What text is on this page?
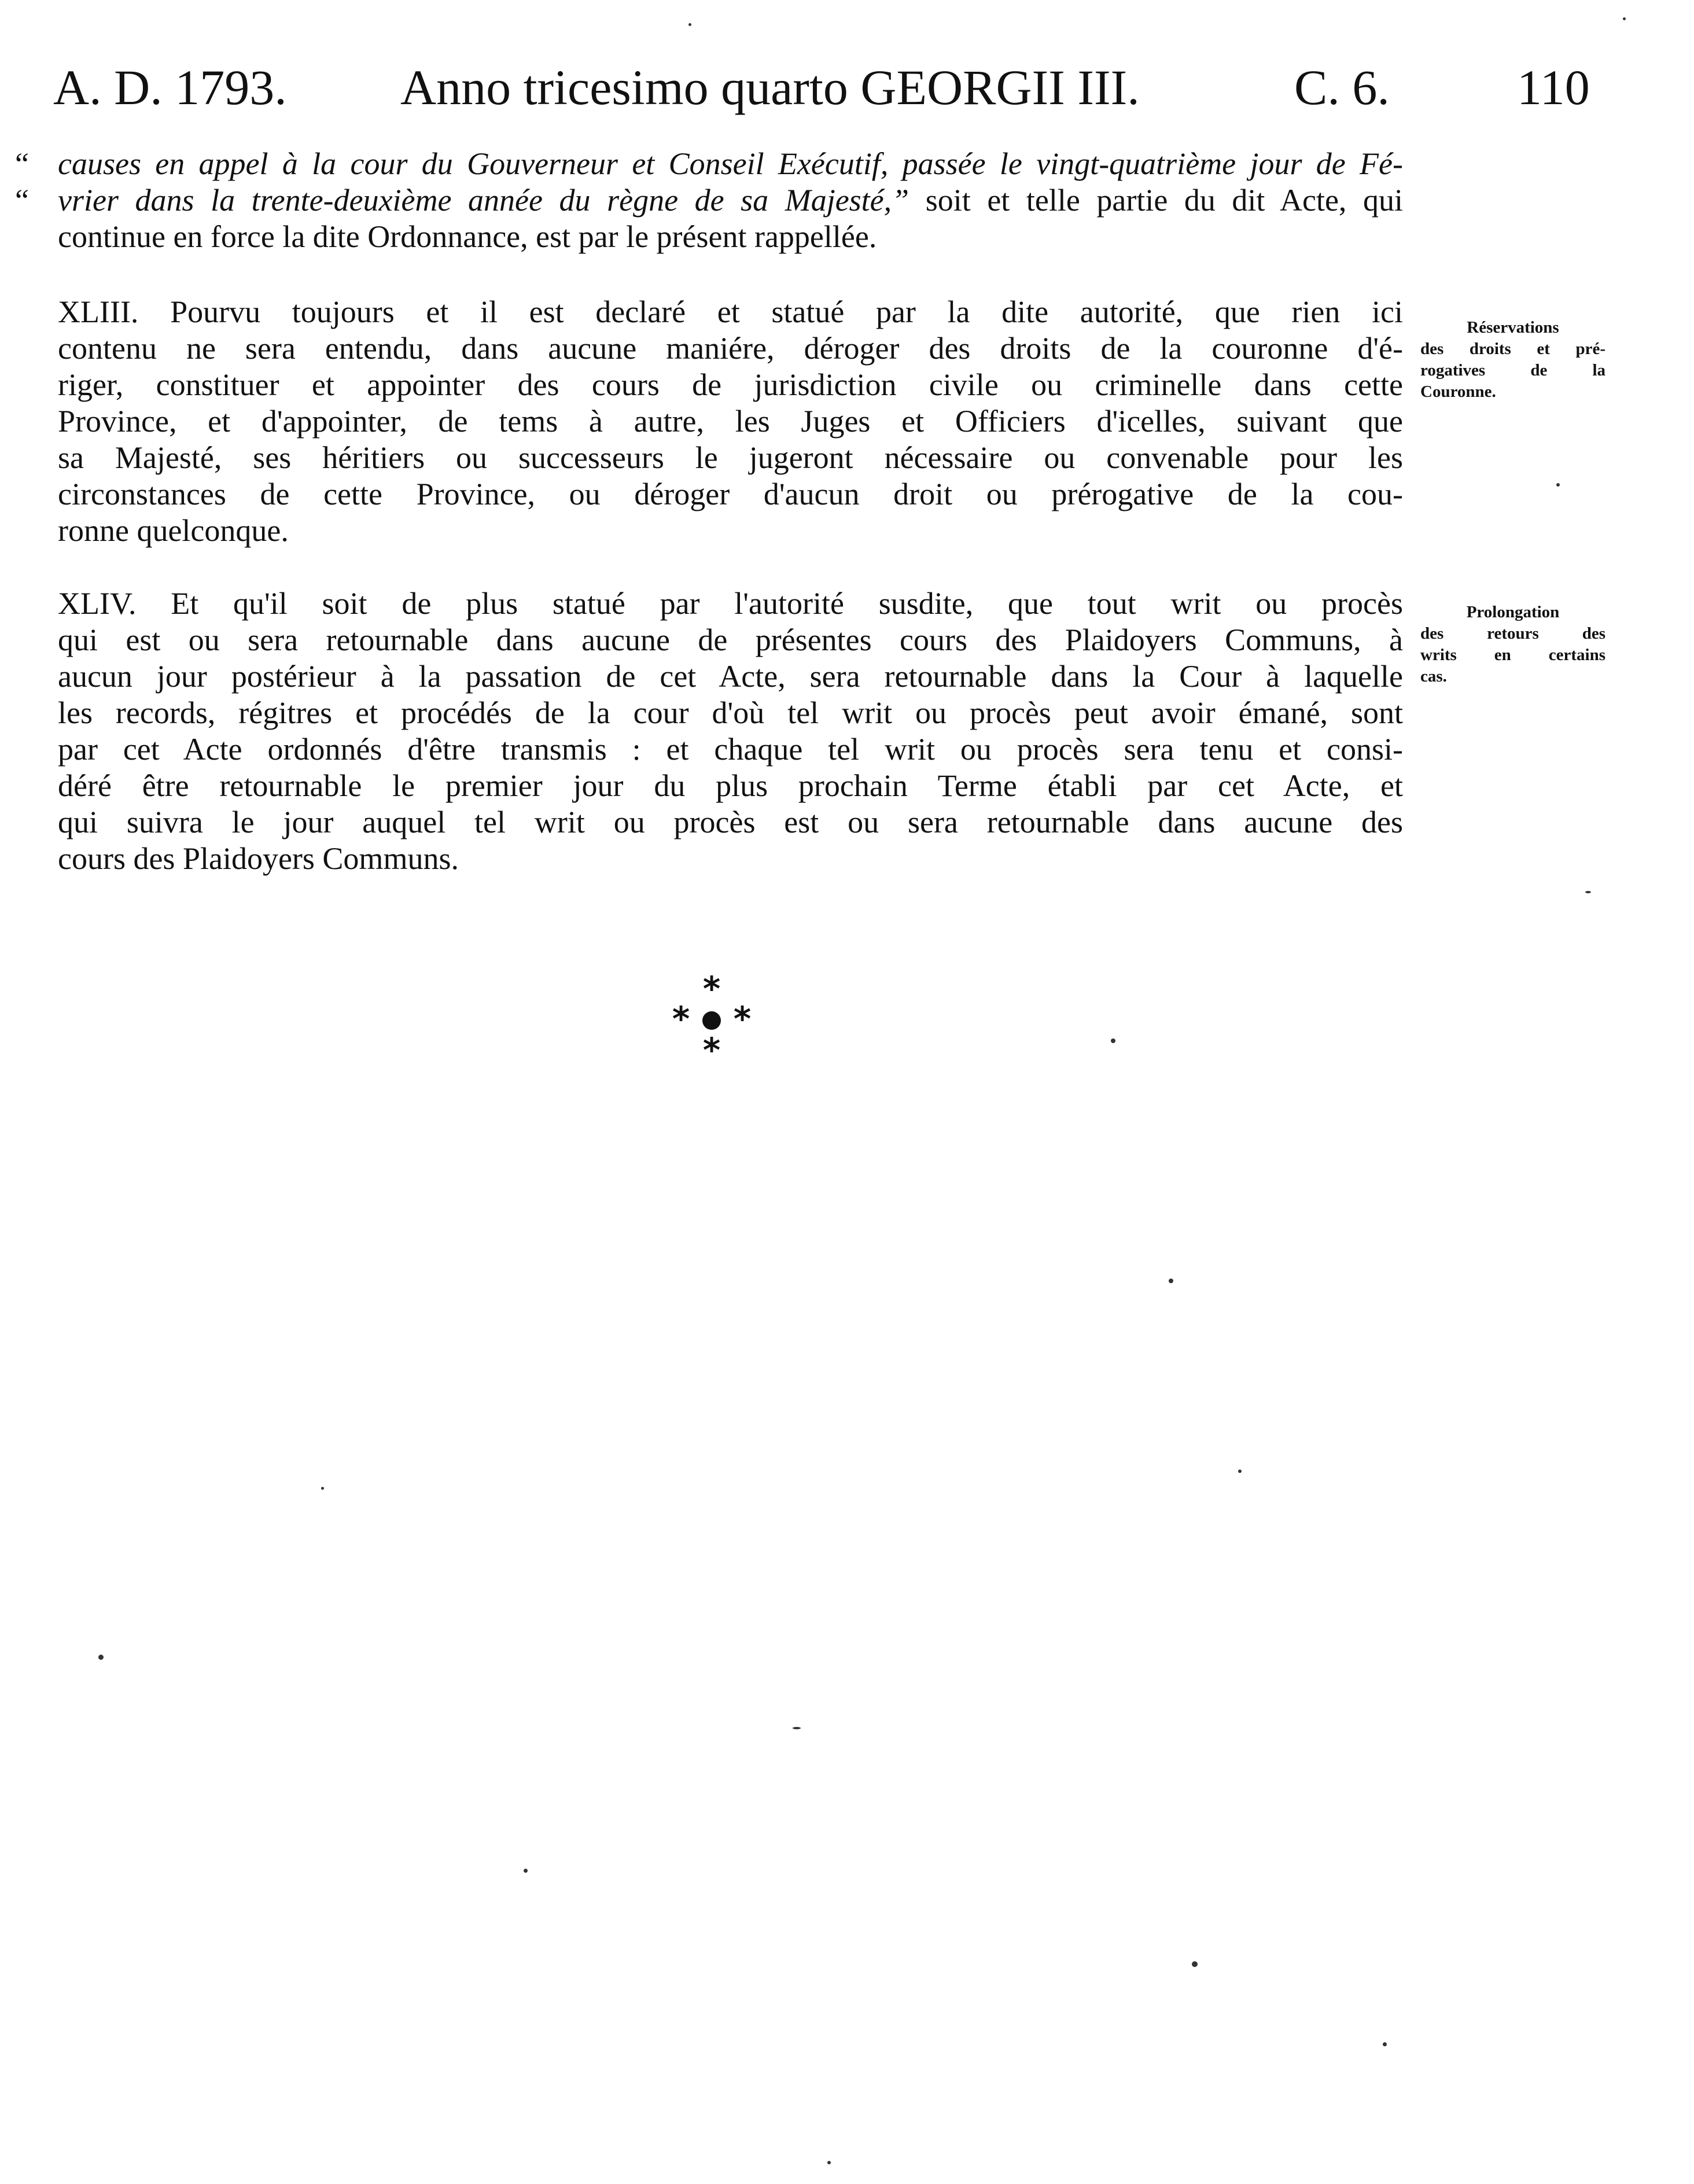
A. D. 1793. Anno tricesimo quarto GEORGII III.	C. 6.	110
“ causes en appel à la cour du Gouverneur et Conseil Exécutif, passée le vingt-quatrième jour de Fé-
“ vrier dans la trente-deuxième année du règne de sa Majesté,” soit et telle partie du dit Acte, qui
continue en force la dite Ordonnance, est par le présent rappellée.
XLIII. Pourvu toujours et il est declaré et statué par la dite autorité, que rien ici
contenu ne sera entendu, dans aucune maniére, déroger des droits de la couronne d'é-
riger, constituer et appointer des cours de jurisdiction civile ou criminelle dans cette
Province, et d'appointer, de tems à autre, les Juges et Officiers d'icelles, suivant que
sa Majesté, ses héritiers ou successeurs le jugeront nécessaire ou convenable pour les
circonstances de cette Province, ou déroger d'aucun droit ou prérogative de la cou-
ronne quelconque.
XLIV. Et qu'il soit de plus statué par l'autorité susdite, que tout writ ou procès
qui est ou sera retournable dans aucune de présentes cours des Plaidoyers Communs, à
aucun jour postérieur à la passation de cet Acte, sera retournable dans la Cour à laquelle
les records, régitres et procédés de la cour d'où tel writ ou procès peut avoir émané, sont
par cet Acte ordonnés d'être transmis : et chaque tel writ ou procès sera tenu et consi-
déré être retournable le premier jour du plus prochain Terme établi par cet Acte, et
qui suivra le jour auquel tel writ ou procès est ou sera retournable dans aucune des
cours des Plaidoyers Communs.
Réservations
des droits et pré-
rogatives de la
Couronne.
Prolongation
des retours des
writs en certains
cas.
*
* *
*
